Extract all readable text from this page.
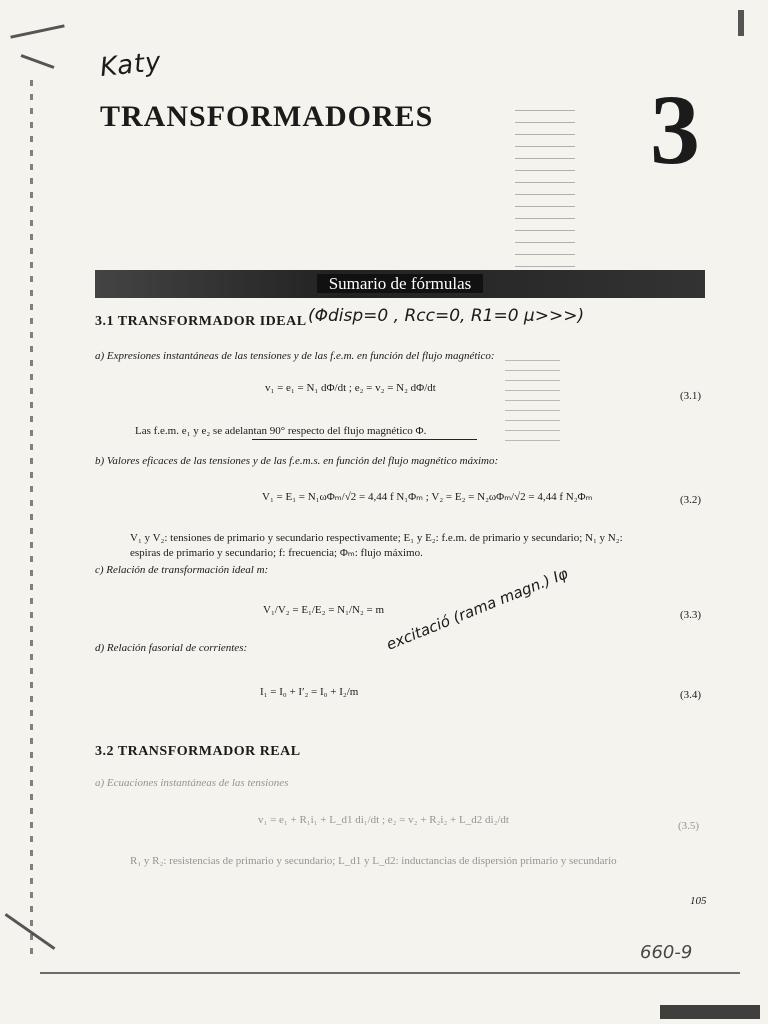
Katy
TRANSFORMADORES 3
Sumario de fórmulas
3.1 TRANSFORMADOR IDEAL (Φdisp=0 , Rcc=0, R1=0 μ>>>)
a) Expresiones instantáneas de las tensiones y de las f.e.m. en función del flujo magnético:
v₁ = e₁ = N₁ dΦ/dt ; e₂ = v₂ = N₂ dΦ/dt
(3.1)
Las f.e.m. e₁ y e₂ se adelantan 90° respecto del flujo magnético Φ.
b) Valores eficaces de las tensiones y de las f.e.m.s. en función del flujo magnético máximo:
V₁ = E₁ = N₁ωΦₘ/√2 = 4,44 f N₁Φₘ ; V₂ = E₂ = N₂ωΦₘ/√2 = 4,44 f N₂Φₘ	(3.2)
V₁ y V₂: tensiones de primario y secundario respectivamente; E₁ y E₂: f.e.m. de primario y secundario; N₁ y N₂:
espiras de primario y secundario; f: frecuencia; Φₘ: flujo máximo.
c) Relación de transformación ideal m:
V₁/V₂ = E₁/E₂ = N₁/N₂ = m	(3.3)
excitació (rama magn.) Iφ
d) Relación fasorial de corrientes:
I₁ = I₀ + I′₂ = I₀ + I₂/m	(3.4)
3.2 TRANSFORMADOR REAL
a) Ecuaciones instantáneas de las tensiones
v₁ = e₁ + R₁i₁ + L_d1 di₁/dt ; e₂ = v₂ + R₂i₂ + L_d2 di₂/dt	(3.5)
R₁ y R₂: resistencias de primario y secundario; L_d1 y L_d2: inductancias de dispersión primario y secundario
105
660-9
